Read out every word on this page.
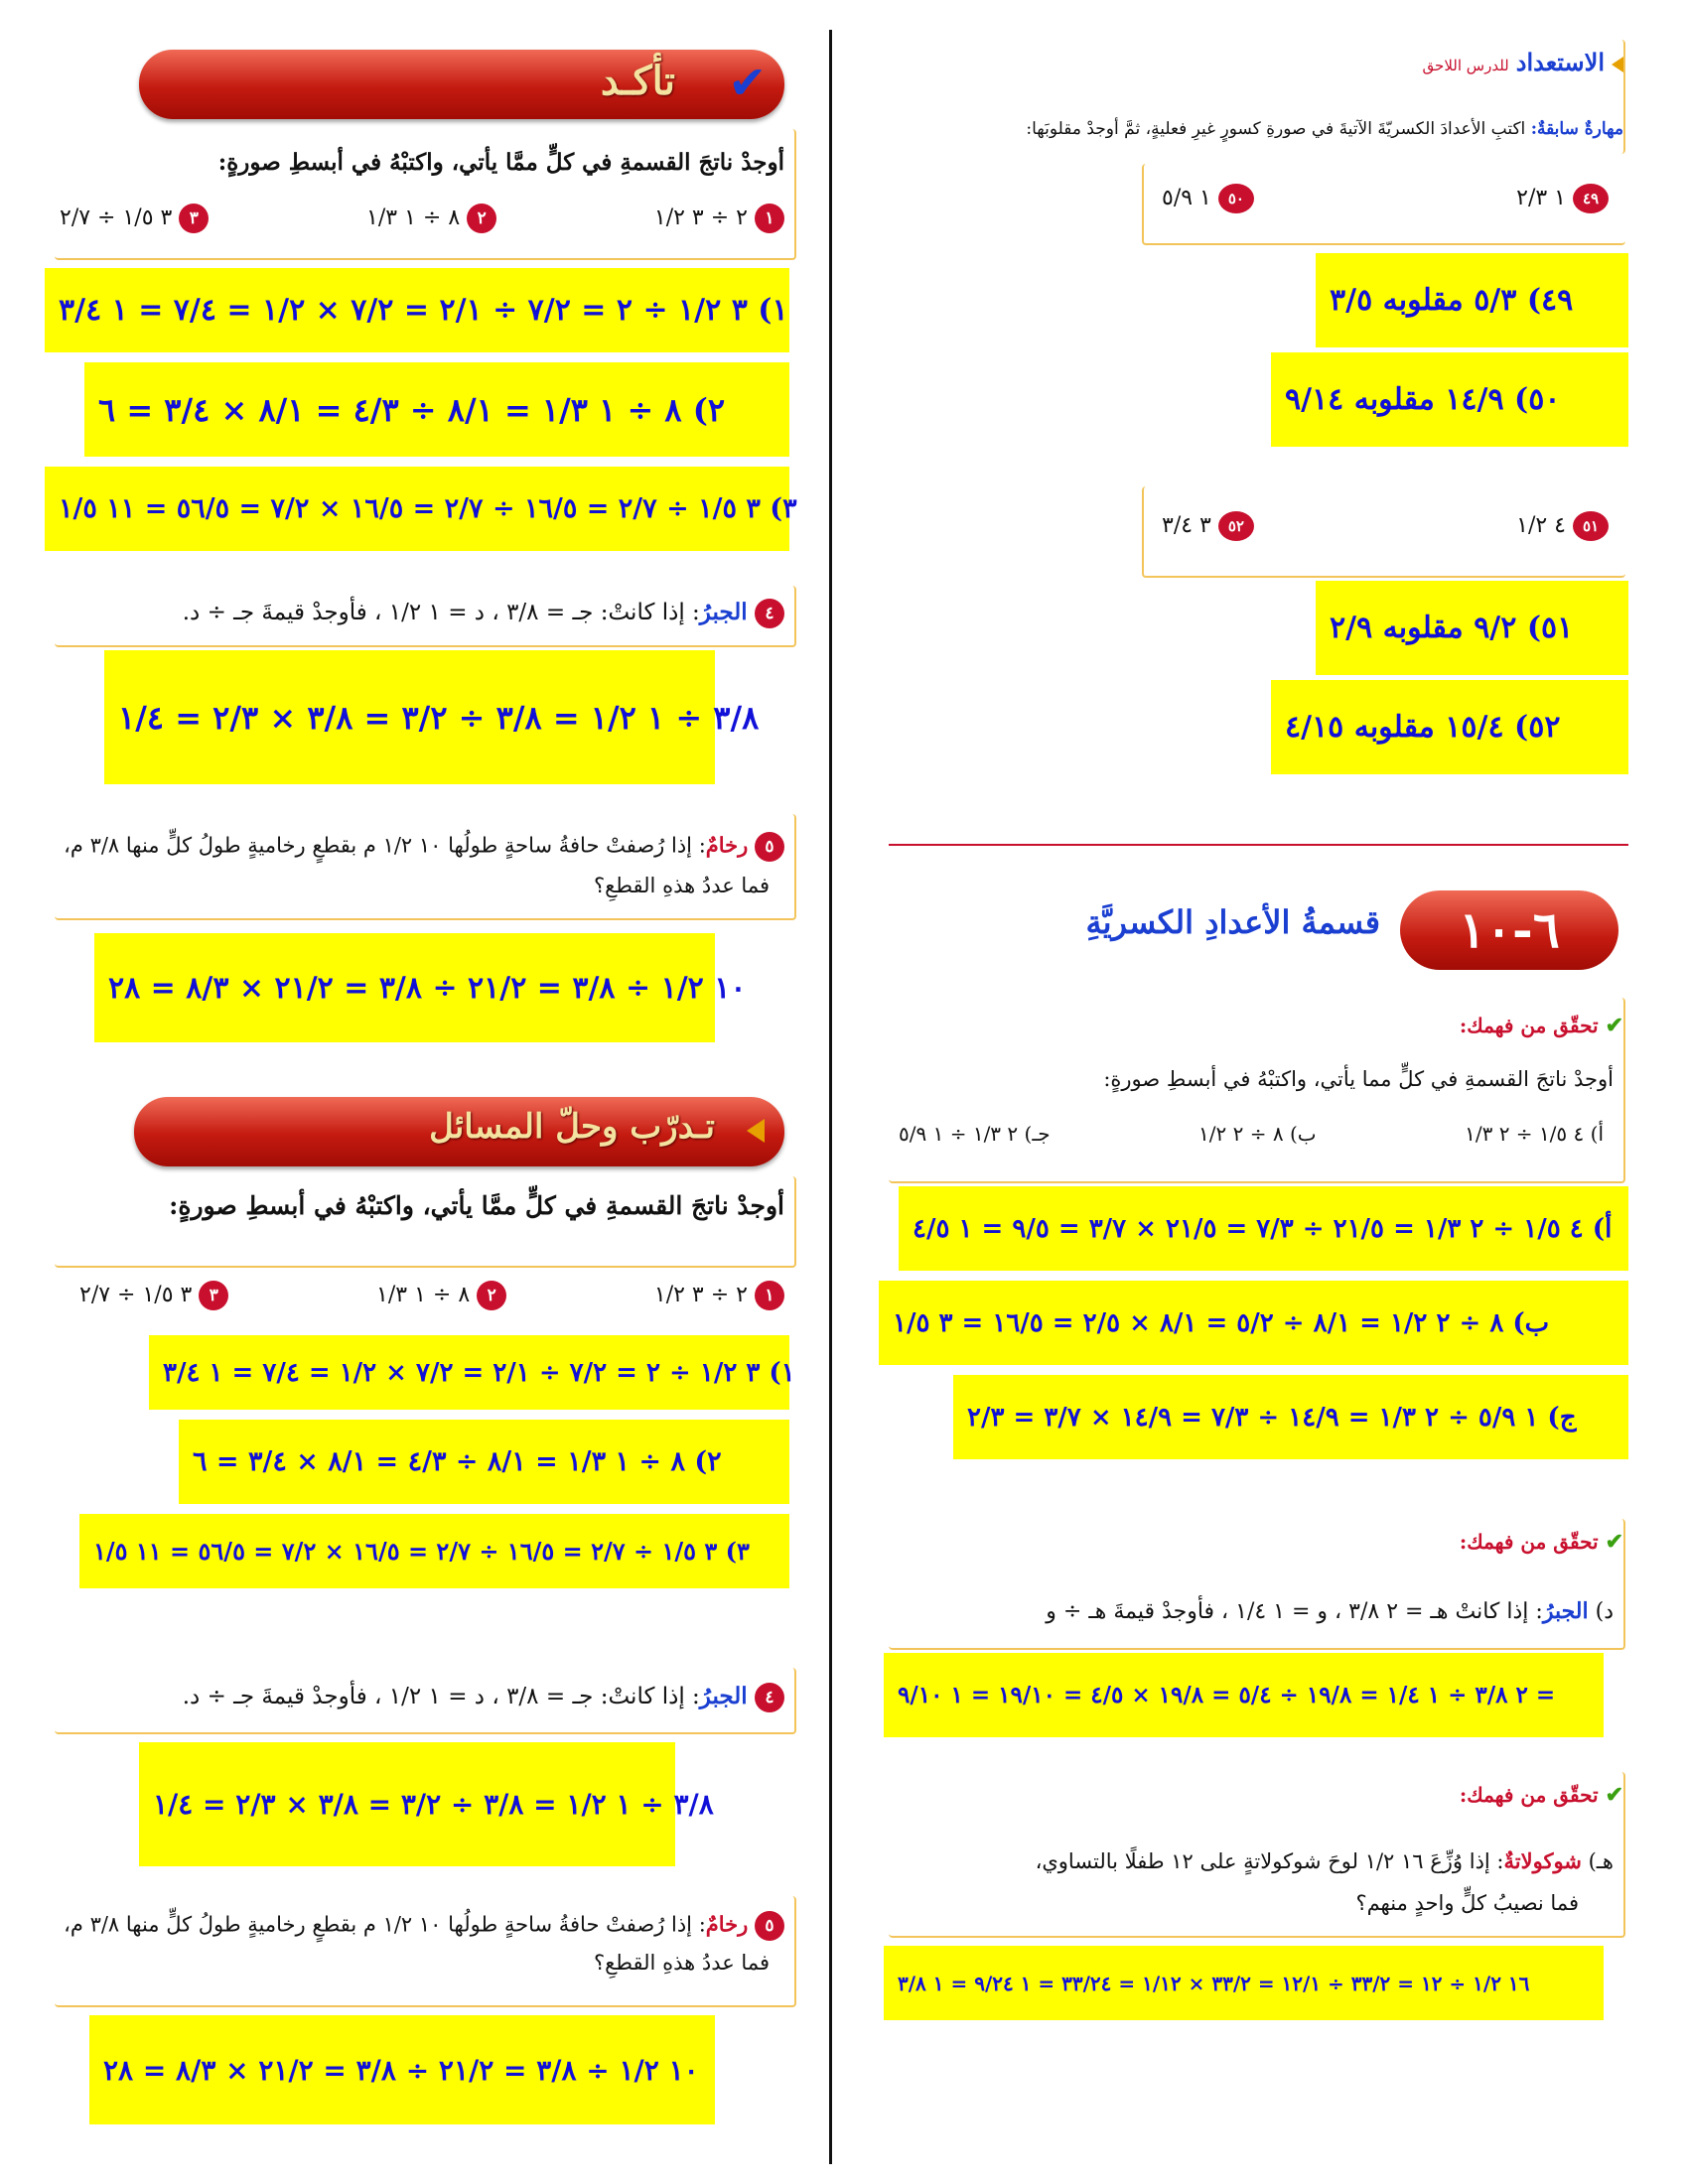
✔
تأكـد
أوجدْ ناتجَ القسمةِ في كلٍّ ممَّا يأتي، واكتبْهُ في أبسطِ صورةٍ:
١ ٢ ÷ ٣ ١/٢
٢ ٨ ÷ ١ ١/٣
٣ ٣ ١/٥ ÷ ٢/٧
١) ٣ ١/٢ ÷ ٢ = ٧/٢ ÷ ٢/١ = ٧/٢ × ١/٢ = ٧/٤ = ١ ٣/٤
٢) ٨ ÷ ١ ١/٣ = ٨/١ ÷ ٤/٣ = ٨/١ × ٣/٤ = ٦
٣) ٣ ١/٥ ÷ ٢/٧ = ١٦/٥ ÷ ٢/٧ = ١٦/٥ × ٧/٢ = ٥٦/٥ = ١١ ١/٥
٤ الجبرُ: إذا كانتْ: جـ = ٣/٨ ، د = ١ ١/٢ ، فأوجدْ قيمةَ جـ ÷ د.
٣/٨ ÷ ١ ١/٢ = ٣/٨ ÷ ٣/٢ = ٣/٨ × ٢/٣ = ١/٤
٥ رخامٌ: إذا رُصفتْ حافةُ ساحةٍ طولُها ١٠ ١/٢ م بقطعٍ رخاميةٍ طولُ كلٍّ منها ٣/٨ م،
فما عددُ هذهِ القطعِ؟
١٠ ١/٢ ÷ ٣/٨ = ٢١/٢ ÷ ٣/٨ = ٢١/٢ × ٨/٣ = ٢٨
تـدرّب وحلّ المسائل
أوجدْ ناتجَ القسمةِ في كلٍّ ممَّا يأتي، واكتبْهُ في أبسطِ صورةٍ:
١ ٢ ÷ ٣ ١/٢
٢ ٨ ÷ ١ ١/٣
٣ ٣ ١/٥ ÷ ٢/٧
١) ٣ ١/٢ ÷ ٢ = ٧/٢ ÷ ٢/١ = ٧/٢ × ١/٢ = ٧/٤ = ١ ٣/٤
٢) ٨ ÷ ١ ١/٣ = ٨/١ ÷ ٤/٣ = ٨/١ × ٣/٤ = ٦
٣) ٣ ١/٥ ÷ ٢/٧ = ١٦/٥ ÷ ٢/٧ = ١٦/٥ × ٧/٢ = ٥٦/٥ = ١١ ١/٥
٤ الجبرُ: إذا كانتْ: جـ = ٣/٨ ، د = ١ ١/٢ ، فأوجدْ قيمةَ جـ ÷ د.
٣/٨ ÷ ١ ١/٢ = ٣/٨ ÷ ٣/٢ = ٣/٨ × ٢/٣ = ١/٤
٥ رخامٌ: إذا رُصفتْ حافةُ ساحةٍ طولُها ١٠ ١/٢ م بقطعٍ رخاميةٍ طولُ كلٍّ منها ٣/٨ م،
فما عددُ هذهِ القطعِ؟
١٠ ١/٢ ÷ ٣/٨ = ٢١/٢ ÷ ٣/٨ = ٢١/٢ × ٨/٣ = ٢٨
الاستعداد للدرس اللاحق
مهارةٌ سابقةٌ: اكتبِ الأعدادَ الكسريّةَ الآتيةَ في صورةِ كسورٍ غيرِ فعليةٍ، ثمَّ أوجدْ مقلوبَها:
٤٩ ١ ٢/٣
٥٠ ١ ٥/٩
٤٩) ٥/٣ مقلوبه ٣/٥
٥٠) ١٤/٩ مقلوبه ٩/١٤
٥١ ٤ ١/٢
٥٢ ٣ ٣/٤
٥١) ٩/٢ مقلوبه ٢/٩
٥٢) ١٥/٤ مقلوبه ٤/١٥
٦-١٠
قسمةُ الأعدادِ الكسريَّةِ
✔ تحقّق من فهمك:
أوجدْ ناتجَ القسمةِ في كلٍّ مما يأتي، واكتبْهُ في أبسطِ صورةٍ:
أ) ٤ ١/٥ ÷ ٢ ١/٣
ب) ٨ ÷ ٢ ١/٢
جـ) ٢ ١/٣ ÷ ١ ٥/٩
أ) ٤ ١/٥ ÷ ٢ ١/٣ = ٢١/٥ ÷ ٧/٣ = ٢١/٥ × ٣/٧ = ٩/٥ = ١ ٤/٥
ب) ٨ ÷ ٢ ١/٢ = ٨/١ ÷ ٥/٢ = ٨/١ × ٢/٥ = ١٦/٥ = ٣ ١/٥
ج) ١ ٥/٩ ÷ ٢ ١/٣ = ١٤/٩ ÷ ٧/٣ = ١٤/٩ × ٣/٧ = ٢/٣
✔ تحقّق من فهمك:
د) الجبرُ: إذا كانتْ هـ = ٢ ٣/٨ ، و = ١ ١/٤ ، فأوجدْ قيمةَ هـ ÷ و
= ٢ ٣/٨ ÷ ١ ١/٤ = ١٩/٨ ÷ ٥/٤ = ١٩/٨ × ٤/٥ = ١٩/١٠ = ١ ٩/١٠
✔ تحقّق من فهمك:
هـ) شوكولاتةٌ: إذا وُزِّعَ ١٦ ١/٢ لوحَ شوكولاتةٍ على ١٢ طفلًا بالتساوي،
فما نصيبُ كلٍّ واحدٍ منهم؟
١٦ ١/٢ ÷ ١٢ = ٣٣/٢ ÷ ١٢/١ = ٣٣/٢ × ١/١٢ = ٣٣/٢٤ = ١ ٩/٢٤ = ١ ٣/٨
